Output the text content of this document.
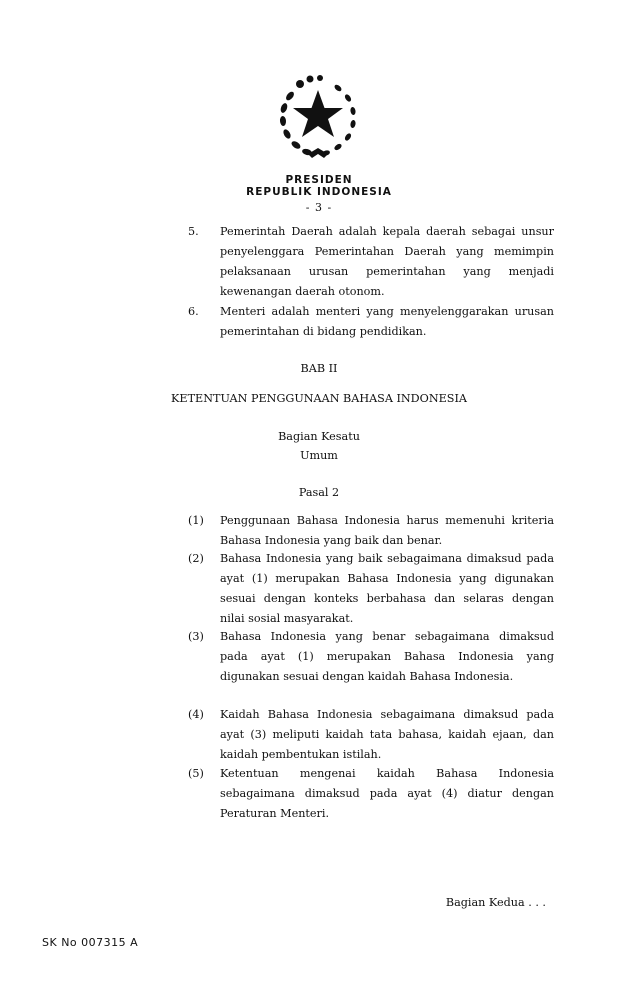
PRESIDEN
REPUBLIK INDONESIA
- 3 -
5.	Pemerintah Daerah adalah kepala daerah sebagai unsur penyelenggara Pemerintahan Daerah yang memimpin pelaksanaan urusan pemerintahan yang menjadi kewenangan daerah otonom.
6.	Menteri adalah menteri yang menyelenggarakan urusan pemerintahan di bidang pendidikan.
BAB II
KETENTUAN PENGGUNAAN BAHASA INDONESIA
Bagian Kesatu
Umum
Pasal 2
(1)	Penggunaan Bahasa Indonesia harus memenuhi kriteria Bahasa Indonesia yang baik dan benar.
(2)	Bahasa Indonesia yang baik sebagaimana dimaksud pada ayat (1) merupakan Bahasa Indonesia yang digunakan sesuai dengan konteks berbahasa dan selaras dengan nilai sosial masyarakat.
(3)	Bahasa Indonesia yang benar sebagaimana dimaksud pada ayat (1) merupakan Bahasa Indonesia yang digunakan sesuai dengan kaidah Bahasa Indonesia.
(4)	Kaidah Bahasa Indonesia sebagaimana dimaksud pada ayat (3) meliputi kaidah tata bahasa, kaidah ejaan, dan kaidah pembentukan istilah.
(5)	Ketentuan mengenai kaidah Bahasa Indonesia sebagaimana dimaksud pada ayat (4) diatur dengan Peraturan Menteri.
Bagian Kedua . . .
SK No 007315 A
